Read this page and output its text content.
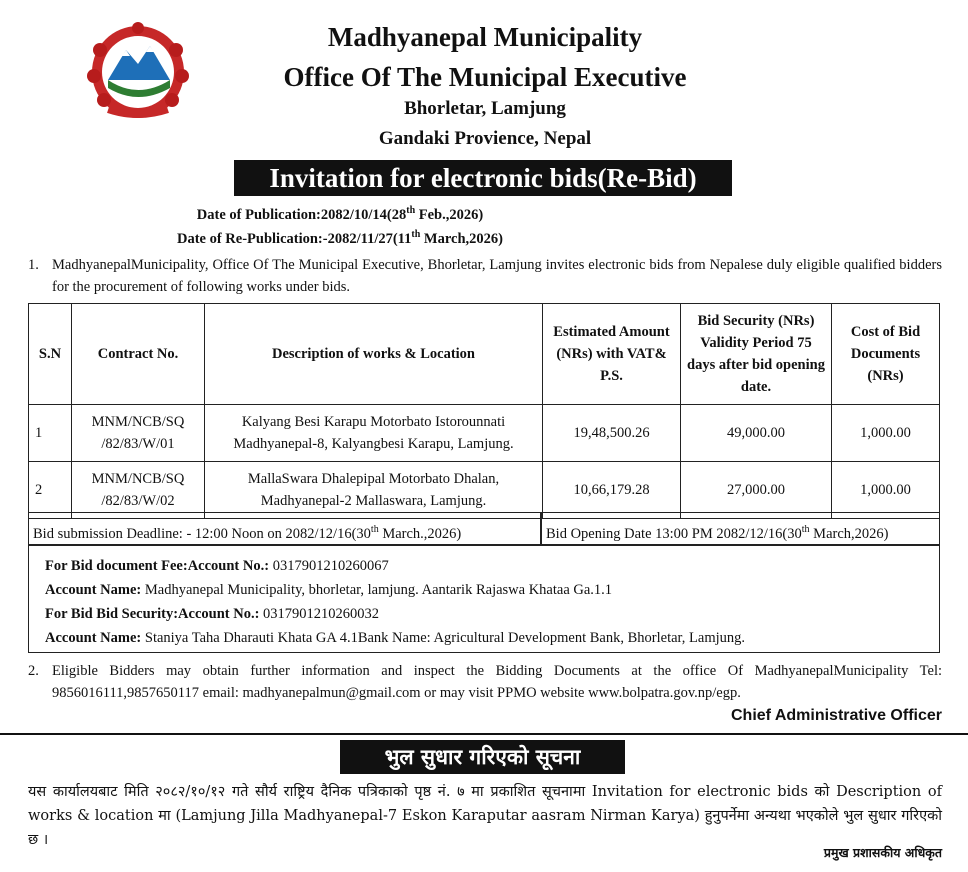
Madhyanepal Municipality
Office Of The Municipal Executive
Bhorletar, Lamjung
Gandaki Provience, Nepal
Invitation for electronic bids(Re-Bid)
Date of Publication:2082/10/14(28th Feb.,2026)
Date of Re-Publication:-2082/11/27(11th March,2026)
1. MadhyanepalMunicipality, Office Of The Municipal Executive, Bhorletar, Lamjung invites electronic bids from Nepalese duly eligible qualified bidders for the procurement of following works under bids.
S.N	Contract No.	Description of works & Location	Estimated Amount (NRs) with VAT& P.S.	Bid Security (NRs) Validity Period 75 days after bid opening date.	Cost of Bid Documents (NRs)
1	MNM/NCB/SQ /82/83/W/01	Kalyang Besi Karapu Motorbato Istorounnati Madhyanepal-8, Kalyangbesi Karapu, Lamjung.	19,48,500.26	49,000.00	1,000.00
2	MNM/NCB/SQ /82/83/W/02	MallaSwara Dhalepipal Motorbato Dhalan, Madhyanepal-2 Mallaswara, Lamjung.	10,66,179.28	27,000.00	1,000.00
Bid submission Deadline: - 12:00 Noon on 2082/12/16(30th March.,2026)	Bid Opening Date 13:00 PM 2082/12/16(30th March,2026)
For Bid document Fee:Account No.: 0317901210260067
Account Name: Madhyanepal Municipality, bhorletar, lamjung. Aantarik Rajaswa Khataa Ga.1.1
For Bid Bid Security:Account No.: 0317901210260032
Account Name: Staniya Taha Dharauti Khata GA 4.1Bank Name: Agricultural Development Bank, Bhorletar, Lamjung.
2. Eligible Bidders may obtain further information and inspect the Bidding Documents at the office Of MadhyanepalMunicipality Tel: 9856016111,9857650117 email: madhyanepalmun@gmail.com or may visit PPMO website www.bolpatra.gov.np/egp.
Chief Administrative Officer
भुल सुधार गरिएको सूचना
यस कार्यालयबाट मिति २०८२/१०/१२ गते सौर्य राष्ट्रिय दैनिक पत्रिकाको पृष्ठ नं. ७ मा प्रकाशित सूचनामा Invitation for electronic bids को Description of works & location मा (Lamjung Jilla Madhyanepal-7 Eskon Karaputar aasram Nirman Karya) हुनुपर्नेमा अन्यथा भएकोले भुल सुधार गरिएको छ ।
प्रमुख प्रशासकीय अधिकृत
